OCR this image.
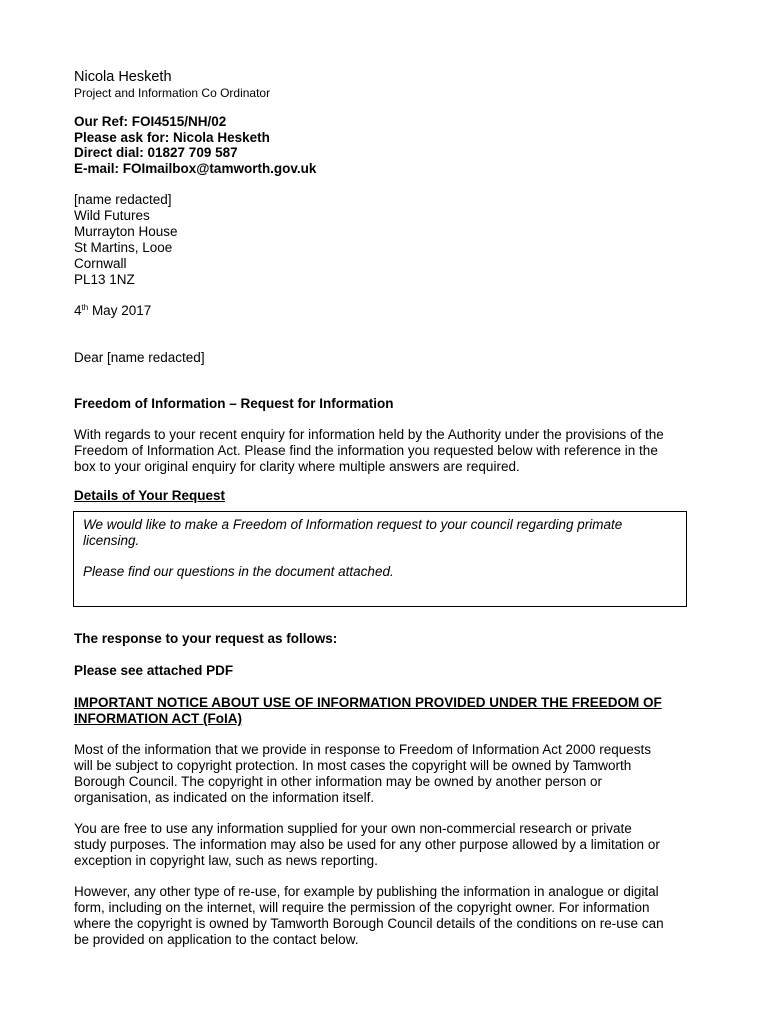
Nicola Hesketh
Project and Information Co Ordinator
Our Ref: FOI4515/NH/02
Please ask for: Nicola Hesketh
Direct dial: 01827 709 587
E-mail: FOImailbox@tamworth.gov.uk
[name redacted]
Wild Futures
Murrayton House
St Martins, Looe
Cornwall
PL13 1NZ
4th May 2017
Dear [name redacted]
Freedom of Information – Request for Information
With regards to your recent enquiry for information held by the Authority under the provisions of the
Freedom of Information Act. Please find the information you requested below with reference in the
box to your original enquiry for clarity where multiple answers are required.
Details of Your Request

We would like to make a Freedom of Information request to your council regarding primate

licensing.

Please find our questions in the document attached.

The response to your request as follows:
Please see attached PDF
IMPORTANT NOTICE ABOUT USE OF INFORMATION PROVIDED UNDER THE FREEDOM OF
INFORMATION ACT (FoIA)
Most of the information that we provide in response to Freedom of Information Act 2000 requests
will be subject to copyright protection. In most cases the copyright will be owned by Tamworth
Borough Council. The copyright in other information may be owned by another person or
organisation, as indicated on the information itself.
You are free to use any information supplied for your own non-commercial research or private
study purposes. The information may also be used for any other purpose allowed by a limitation or
exception in copyright law, such as news reporting.
However, any other type of re-use, for example by publishing the information in analogue or digital
form, including on the internet, will require the permission of the copyright owner. For information
where the copyright is owned by Tamworth Borough Council details of the conditions on re-use can
be provided on application to the contact below.
